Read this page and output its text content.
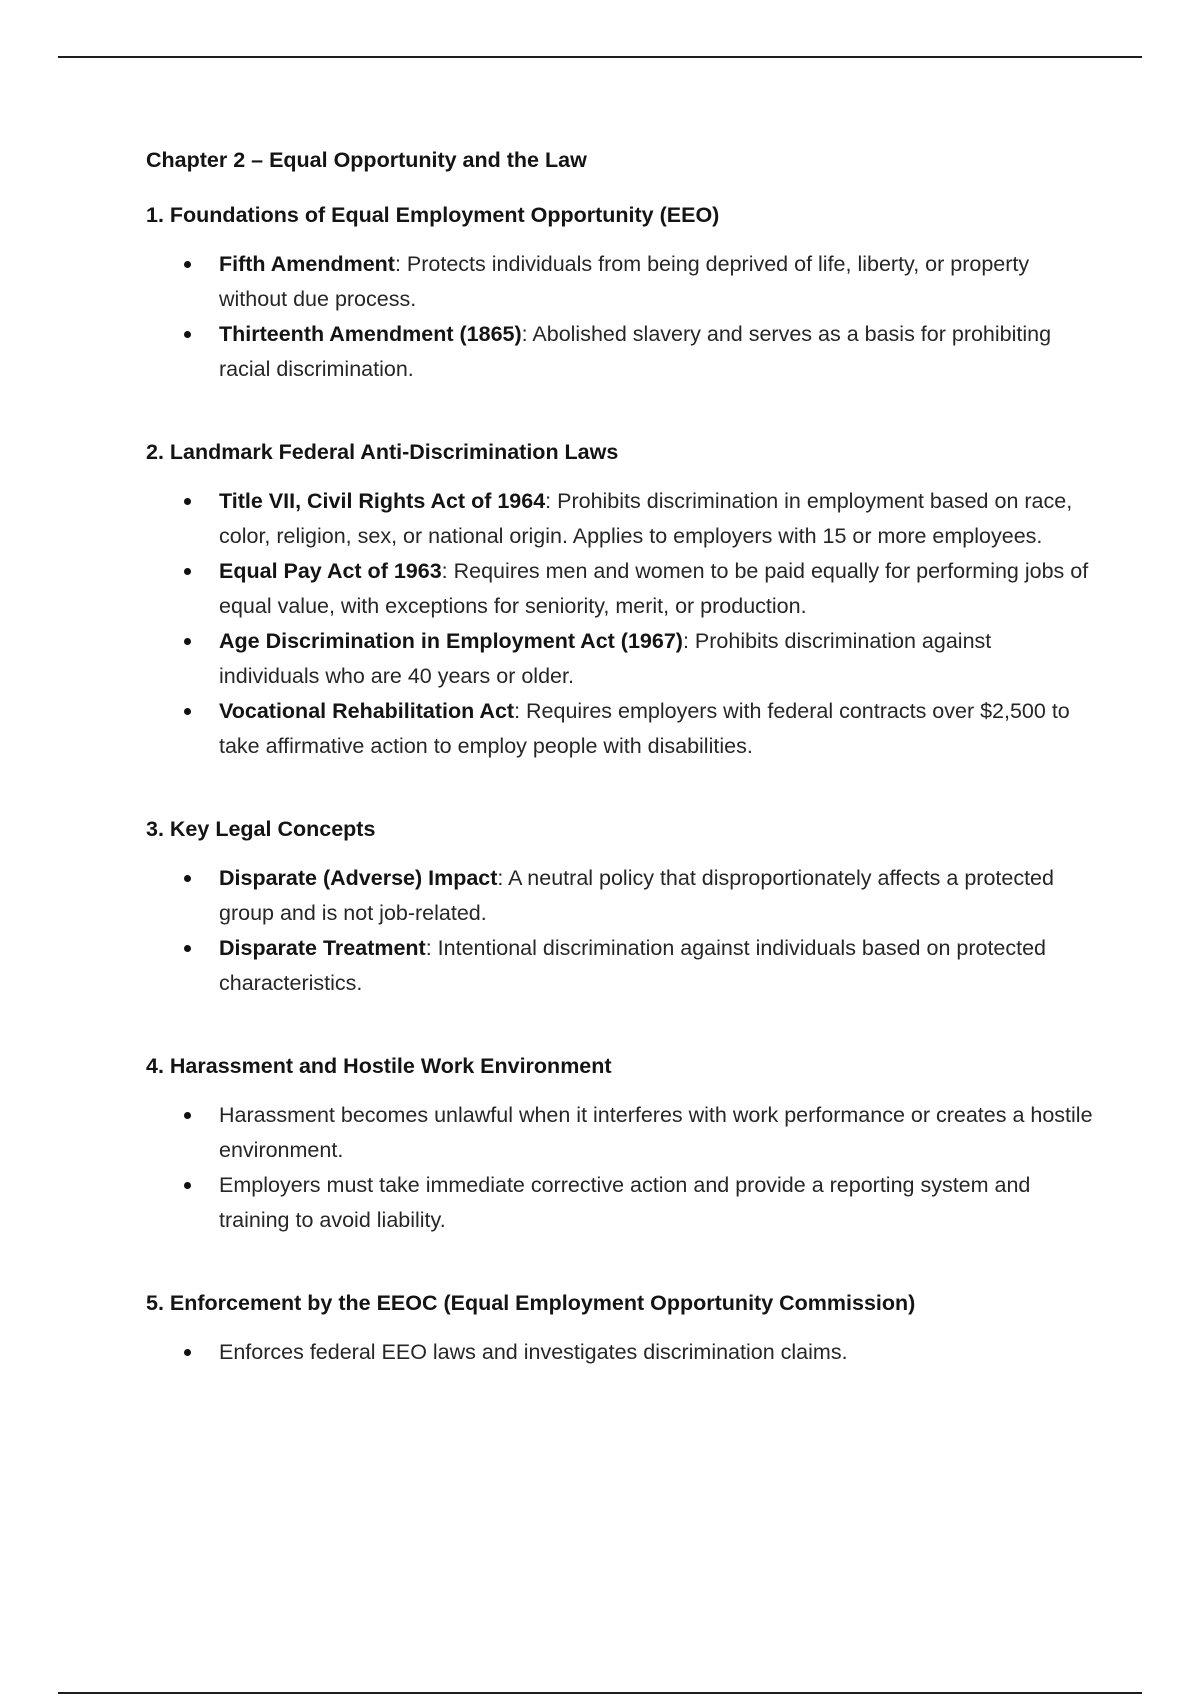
Chapter 2 – Equal Opportunity and the Law
1. Foundations of Equal Employment Opportunity (EEO)
Fifth Amendment: Protects individuals from being deprived of life, liberty, or property without due process.
Thirteenth Amendment (1865): Abolished slavery and serves as a basis for prohibiting racial discrimination.
2. Landmark Federal Anti-Discrimination Laws
Title VII, Civil Rights Act of 1964: Prohibits discrimination in employment based on race, color, religion, sex, or national origin. Applies to employers with 15 or more employees.
Equal Pay Act of 1963: Requires men and women to be paid equally for performing jobs of equal value, with exceptions for seniority, merit, or production.
Age Discrimination in Employment Act (1967): Prohibits discrimination against individuals who are 40 years or older.
Vocational Rehabilitation Act: Requires employers with federal contracts over $2,500 to take affirmative action to employ people with disabilities.
3. Key Legal Concepts
Disparate (Adverse) Impact: A neutral policy that disproportionately affects a protected group and is not job-related.
Disparate Treatment: Intentional discrimination against individuals based on protected characteristics.
4. Harassment and Hostile Work Environment
Harassment becomes unlawful when it interferes with work performance or creates a hostile environment.
Employers must take immediate corrective action and provide a reporting system and training to avoid liability.
5. Enforcement by the EEOC (Equal Employment Opportunity Commission)
Enforces federal EEO laws and investigates discrimination claims.
